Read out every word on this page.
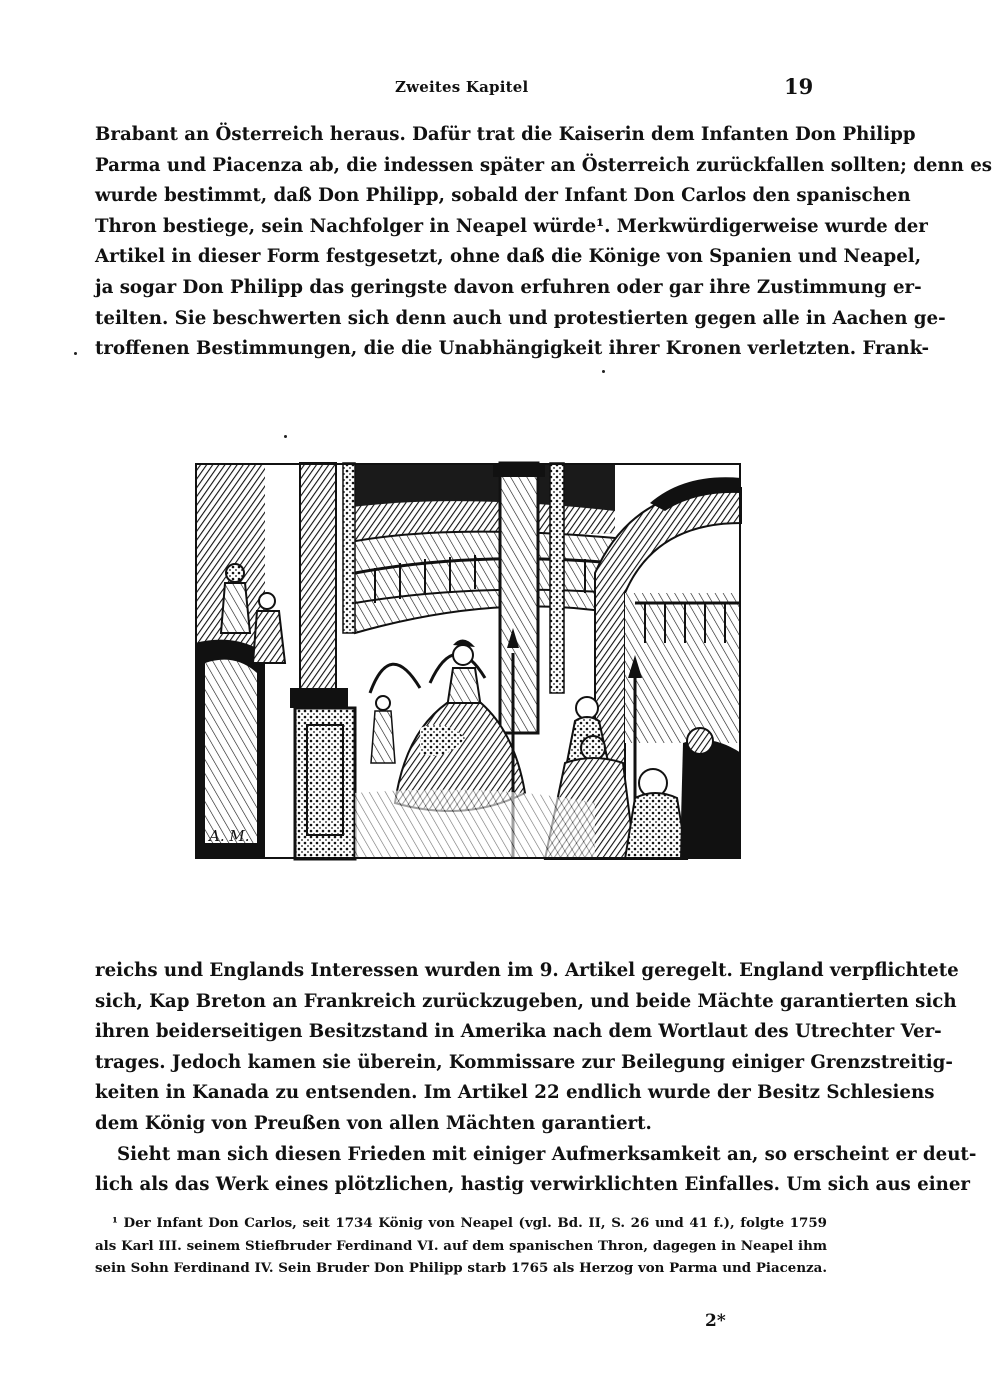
Zweites Kapitel	19
Brabant an Österreich heraus. Dafür trat die Kaiserin dem Infanten Don Philipp
Parma und Piacenza ab, die indessen später an Österreich zurückfallen sollten; denn es
wurde bestimmt, daß Don Philipp, sobald der Infant Don Carlos den spanischen
Thron bestiege, sein Nachfolger in Neapel würde¹. Merkwürdigerweise wurde der
Artikel in dieser Form festgesetzt, ohne daß die Könige von Spanien und Neapel,
ja sogar Don Philipp das geringste davon erfuhren oder gar ihre Zustimmung er-
teilten. Sie beschwerten sich denn auch und protestierten gegen alle in Aachen ge-
troffenen Bestimmungen, die die Unabhängigkeit ihrer Kronen verletzten. Frank-
A. M.
reichs und Englands Interessen wurden im 9. Artikel geregelt. England verpflichtete
sich, Kap Breton an Frankreich zurückzugeben, und beide Mächte garantierten sich
ihren beiderseitigen Besitzstand in Amerika nach dem Wortlaut des Utrechter Ver-
trages. Jedoch kamen sie überein, Kommissare zur Beilegung einiger Grenzstreitig-
keiten in Kanada zu entsenden. Im Artikel 22 endlich wurde der Besitz Schlesiens
dem König von Preußen von allen Mächten garantiert.
Sieht man sich diesen Frieden mit einiger Aufmerksamkeit an, so erscheint er deut-
lich als das Werk eines plötzlichen, hastig verwirklichten Einfalles. Um sich aus einer
¹ Der Infant Don Carlos, seit 1734 König von Neapel (vgl. Bd. II, S. 26 und 41 f.), folgte 1759
als Karl III. seinem Stiefbruder Ferdinand VI. auf dem spanischen Thron, dagegen in Neapel ihm
sein Sohn Ferdinand IV. Sein Bruder Don Philipp starb 1765 als Herzog von Parma und Piacenza.
2*
